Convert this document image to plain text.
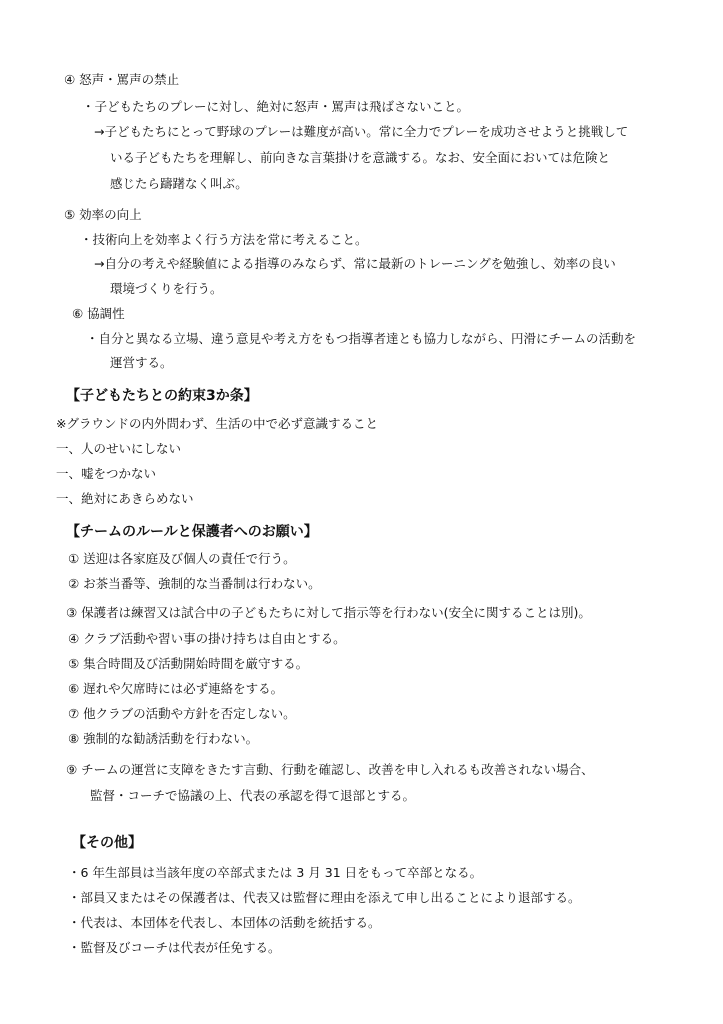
④ 怒声・罵声の禁止
・子どもたちのプレーに対し、絶対に怒声・罵声は飛ばさないこと。
→子どもたちにとって野球のプレーは難度が高い。常に全力でプレーを成功させようと挑戦して
いる子どもたちを理解し、前向きな言葉掛けを意識する。なお、安全面においては危険と
感じたら躊躇なく叫ぶ。
⑤ 効率の向上
・技術向上を効率よく行う方法を常に考えること。
→自分の考えや経験値による指導のみならず、常に最新のトレーニングを勉強し、効率の良い
環境づくりを行う。
⑥ 協調性
・自分と異なる立場、違う意見や考え方をもつ指導者達とも協力しながら、円滑にチームの活動を
運営する。
【子どもたちとの約束3か条】
※グラウンドの内外問わず、生活の中で必ず意識すること
一、人のせいにしない
一、嘘をつかない
一、絶対にあきらめない
【チームのルールと保護者へのお願い】
① 送迎は各家庭及び個人の責任で行う。
② お茶当番等、強制的な当番制は行わない。
③ 保護者は練習又は試合中の子どもたちに対して指示等を行わない(安全に関することは別)。
④ クラブ活動や習い事の掛け持ちは自由とする。
⑤ 集合時間及び活動開始時間を厳守する。
⑥ 遅れや欠席時には必ず連絡をする。
⑦ 他クラブの活動や方針を否定しない。
⑧ 強制的な勧誘活動を行わない。
⑨ チームの運営に支障をきたす言動、行動を確認し、改善を申し入れるも改善されない場合、
監督・コーチで協議の上、代表の承認を得て退部とする。
【その他】
・6 年生部員は当該年度の卒部式または 3 月 31 日をもって卒部となる。
・部員又またはその保護者は、代表又は監督に理由を添えて申し出ることにより退部する。
・代表は、本団体を代表し、本団体の活動を統括する。
・監督及びコーチは代表が任免する。
